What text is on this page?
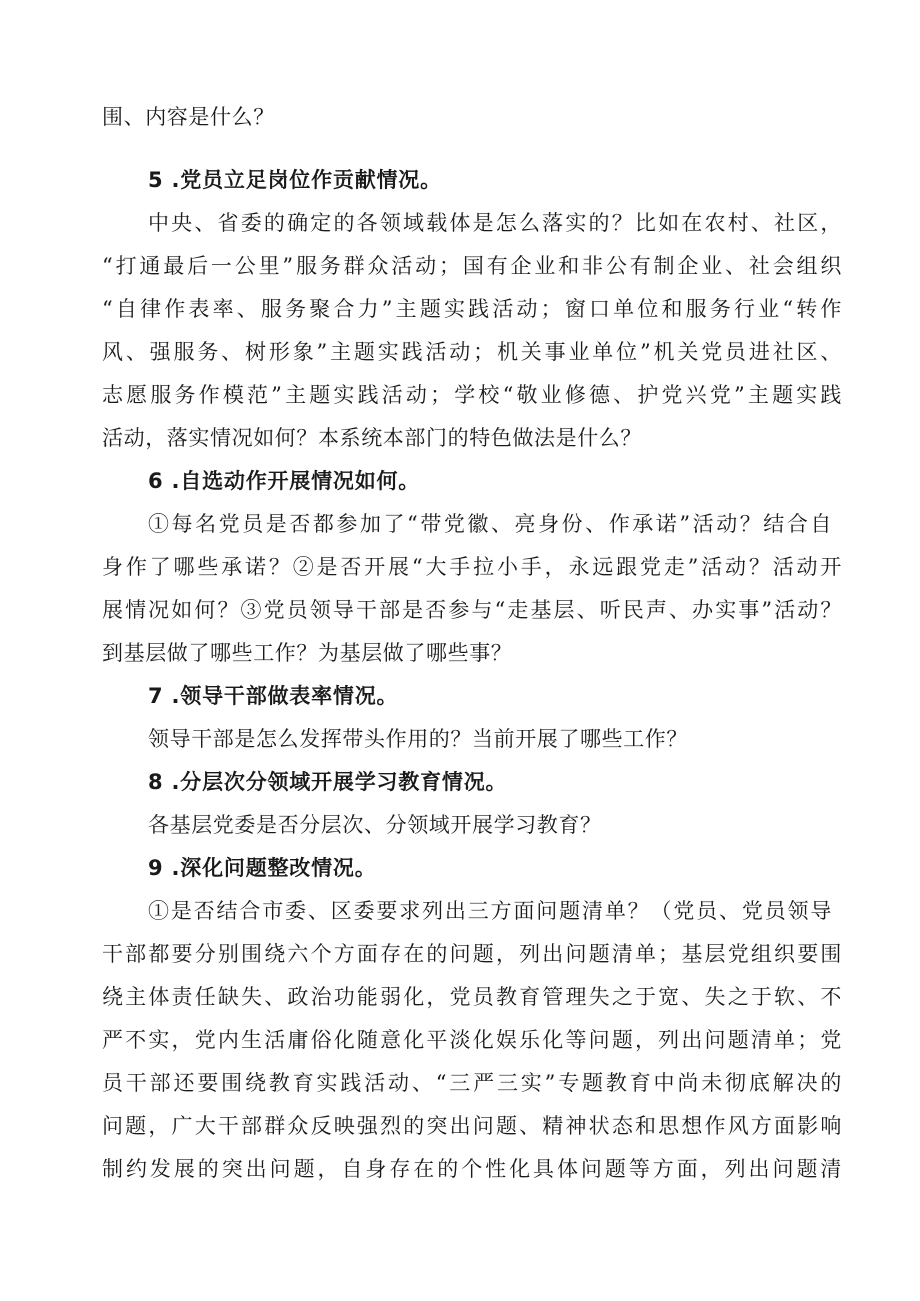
围、内容是什么？
5 .党员立足岗位作贡献情况。
中央、省委的确定的各领域载体是怎么落实的？比如在农村、社区，
“打通最后一公里”服务群众活动；国有企业和非公有制企业、社会组织
“自律作表率、服务聚合力”主题实践活动；窗口单位和服务行业“转作
风、强服务、树形象”主题实践活动；机关事业单位”机关党员进社区、
志愿服务作模范”主题实践活动；学校“敬业修德、护党兴党”主题实践
活动，落实情况如何？本系统本部门的特色做法是什么？
6 .自选动作开展情况如何。
①每名党员是否都参加了“带党徽、亮身份、作承诺”活动？结合自
身作了哪些承诺？②是否开展“大手拉小手，永远跟党走”活动？活动开
展情况如何？③党员领导干部是否参与“走基层、听民声、办实事”活动？
到基层做了哪些工作？为基层做了哪些事？
7 .领导干部做表率情况。
领导干部是怎么发挥带头作用的？当前开展了哪些工作？
8 .分层次分领域开展学习教育情况。
各基层党委是否分层次、分领域开展学习教育？
9 .深化问题整改情况。
①是否结合市委、区委要求列出三方面问题清单？（党员、党员领导
干部都要分别围绕六个方面存在的问题，列出问题清单；基层党组织要围
绕主体责任缺失、政治功能弱化，党员教育管理失之于宽、失之于软、不
严不实，党内生活庸俗化随意化平淡化娱乐化等问题，列出问题清单；党
员干部还要围绕教育实践活动、“三严三实”专题教育中尚未彻底解决的
问题，广大干部群众反映强烈的突出问题、精神状态和思想作风方面影响
制约发展的突出问题，自身存在的个性化具体问题等方面，列出问题清
